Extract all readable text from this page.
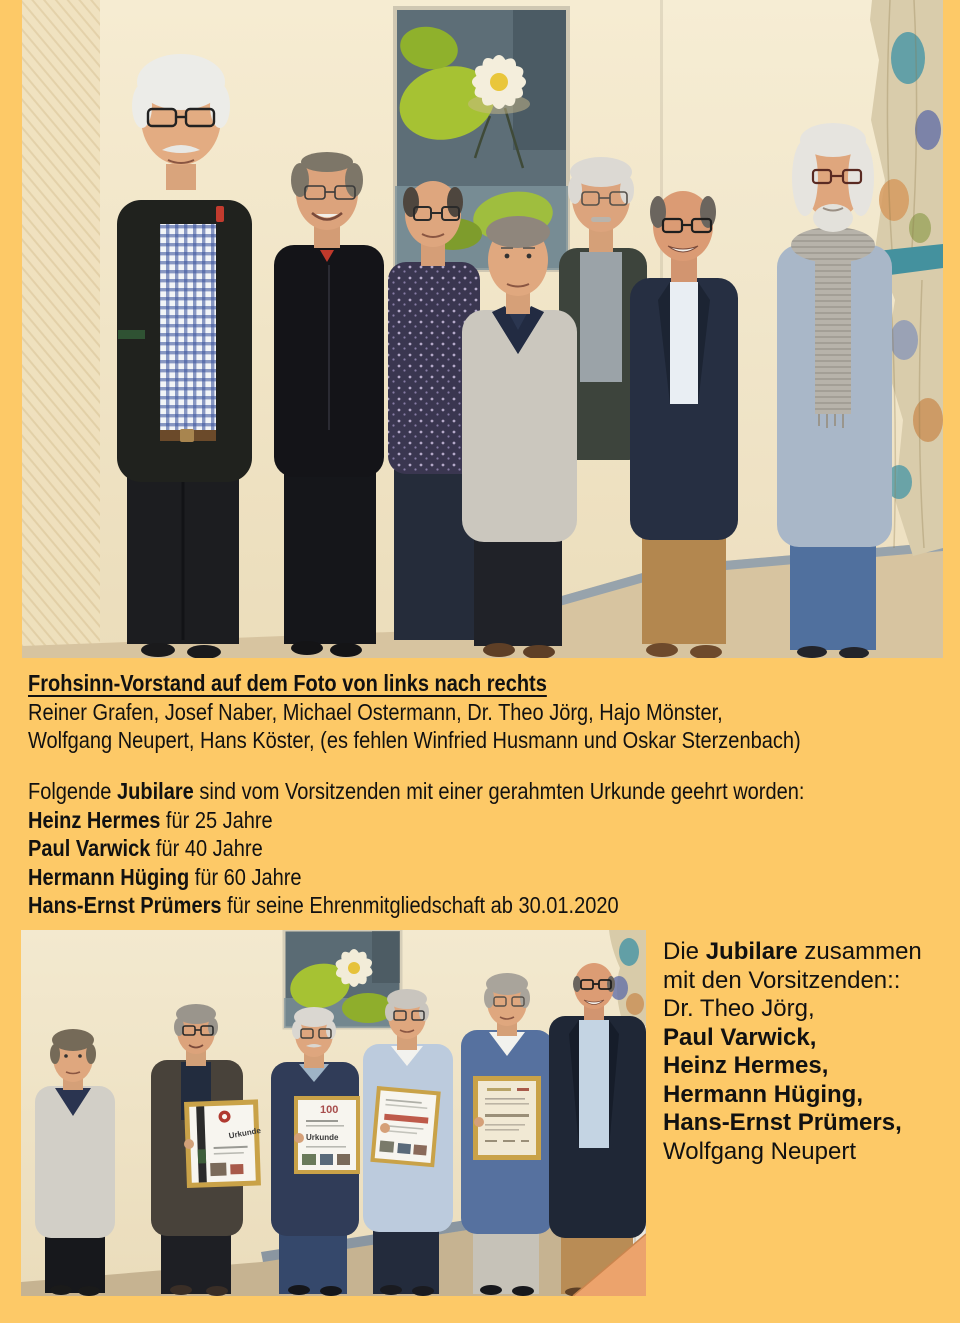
Frohsinn-Vorstand auf dem Foto von links nach rechts
Reiner Grafen, Josef Naber, Michael Ostermann, Dr. Theo Jörg, Hajo Mönster,
Wolfgang Neupert, Hans Köster, (es fehlen Winfried Husmann und Oskar Sterzenbach)
Folgende Jubilare sind vom Vorsitzenden mit einer gerahmten Urkunde geehrt worden:
Heinz Hermes für 25 Jahre
Paul Varwick für 40 Jahre
Hermann Hüging für 60 Jahre
Hans-Ernst Prümers für seine Ehrenmitgliedschaft ab 30.01.2020
Urkunde
100
Urkunde
Die Jubilare zusammen
mit den Vorsitzenden::
Dr. Theo Jörg,
Paul Varwick,
Heinz Hermes,
Hermann Hüging,
Hans-Ernst Prümers,
Wolfgang Neupert
